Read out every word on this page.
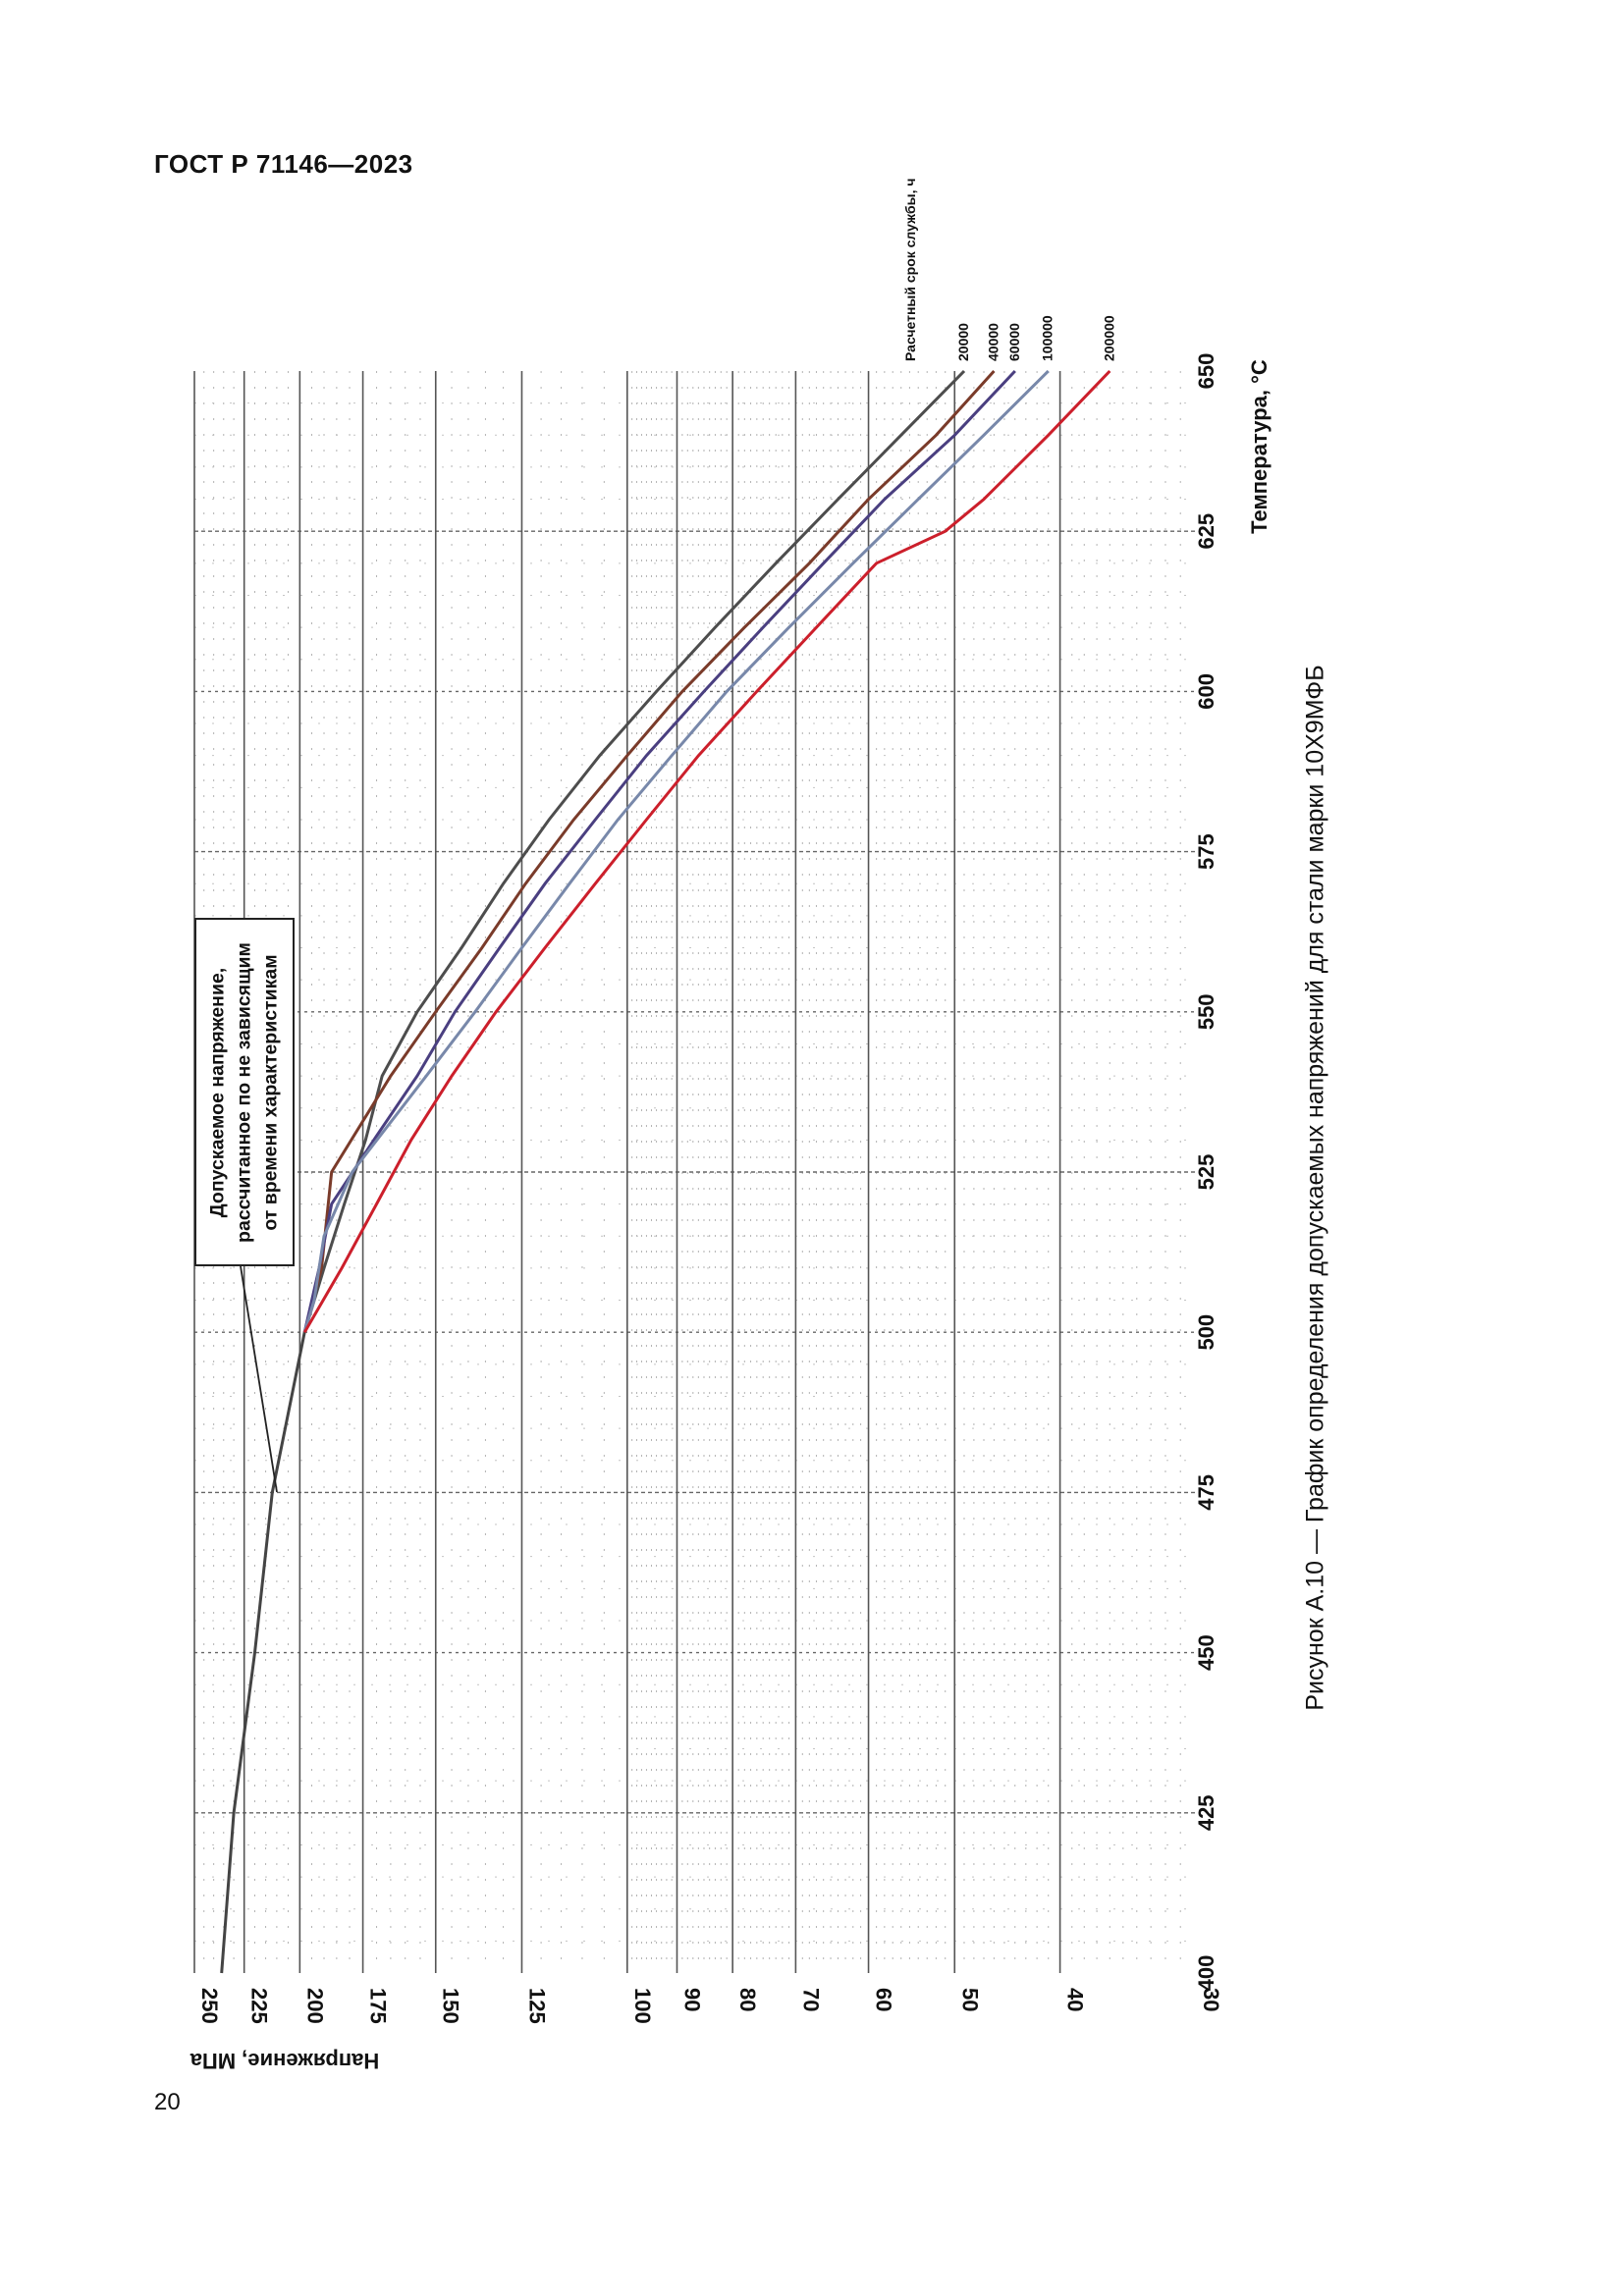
ГОСТ Р 71146—2023
30
40
50
60
70
80
90
100
125
150
175
200
225
250
400
425
450
475
500
525
550
575
600
625
650
Напряжение, МПа
Температура, °С
Расчетный срок службы, ч	20000 40000 60000 100000	200000
Допускаемое напряжение, рассчитанное по не зависящим от времени характеристикам	Рисунок А.10 — График определения допускаемых напряжений для стали марки 10Х9МФБ
20
